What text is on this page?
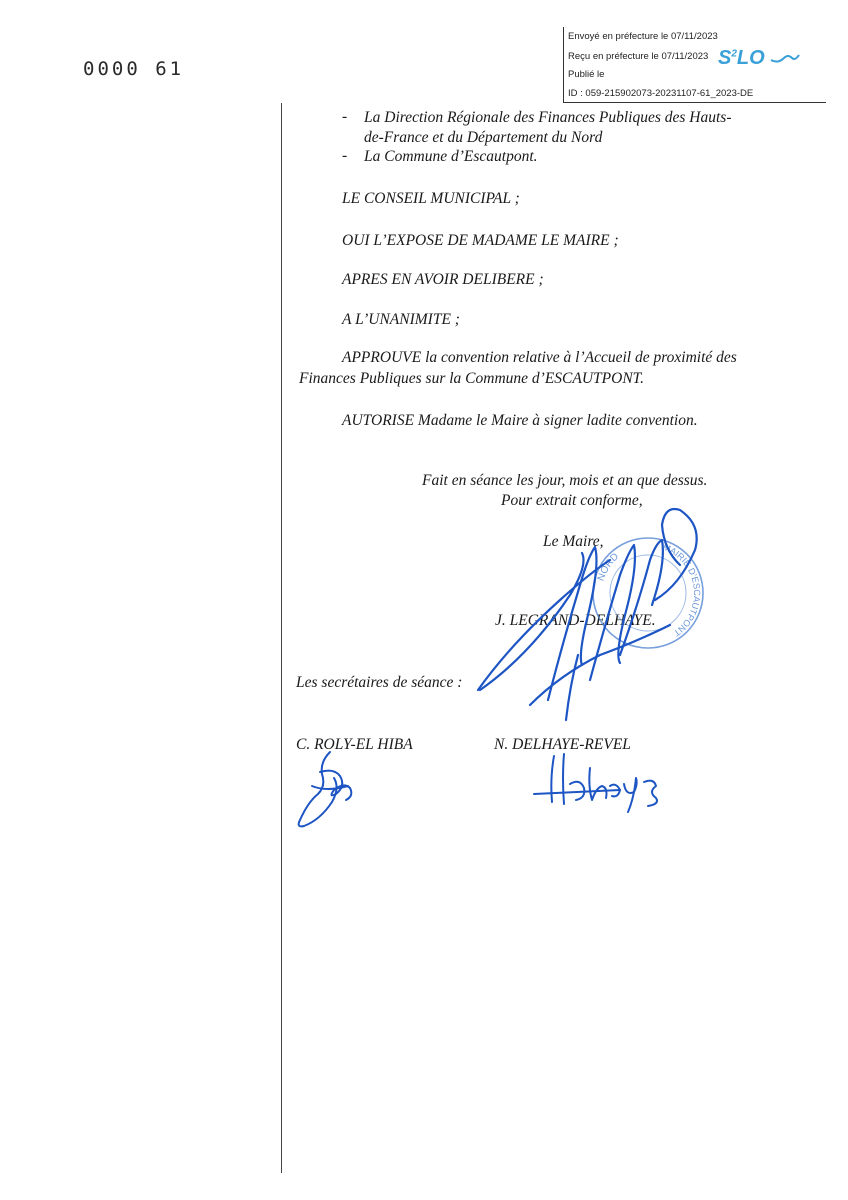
0000 61
Envoyé en préfecture le 07/11/2023
Reçu en préfecture le 07/11/2023
Publié le
ID : 059-215902073-20231107-61_2023-DE
$S^2LO$
- La Direction Régionale des Finances Publiques des Hauts-
de-France et du Département du Nord
- La Commune d’Escautpont.
LE CONSEIL MUNICIPAL ;
OUI L’EXPOSE DE MADAME LE MAIRE ;
APRES EN AVOIR DELIBERE ;
A L’UNANIMITE ;
APPROUVE la convention relative à l’Accueil de proximité des
Finances Publiques sur la Commune d’ESCAUTPONT.
AUTORISE Madame le Maire à signer ladite convention.
Fait en séance les jour, mois et an que dessus.
Pour extrait conforme,
Le Maire,
J. LEGRAND-DELHAYE.
Les secrétaires de séance :
C. ROLY-EL HIBA	N. DELHAYE-REVEL
NORD
MAIRIE D’ESCAUTPONT
